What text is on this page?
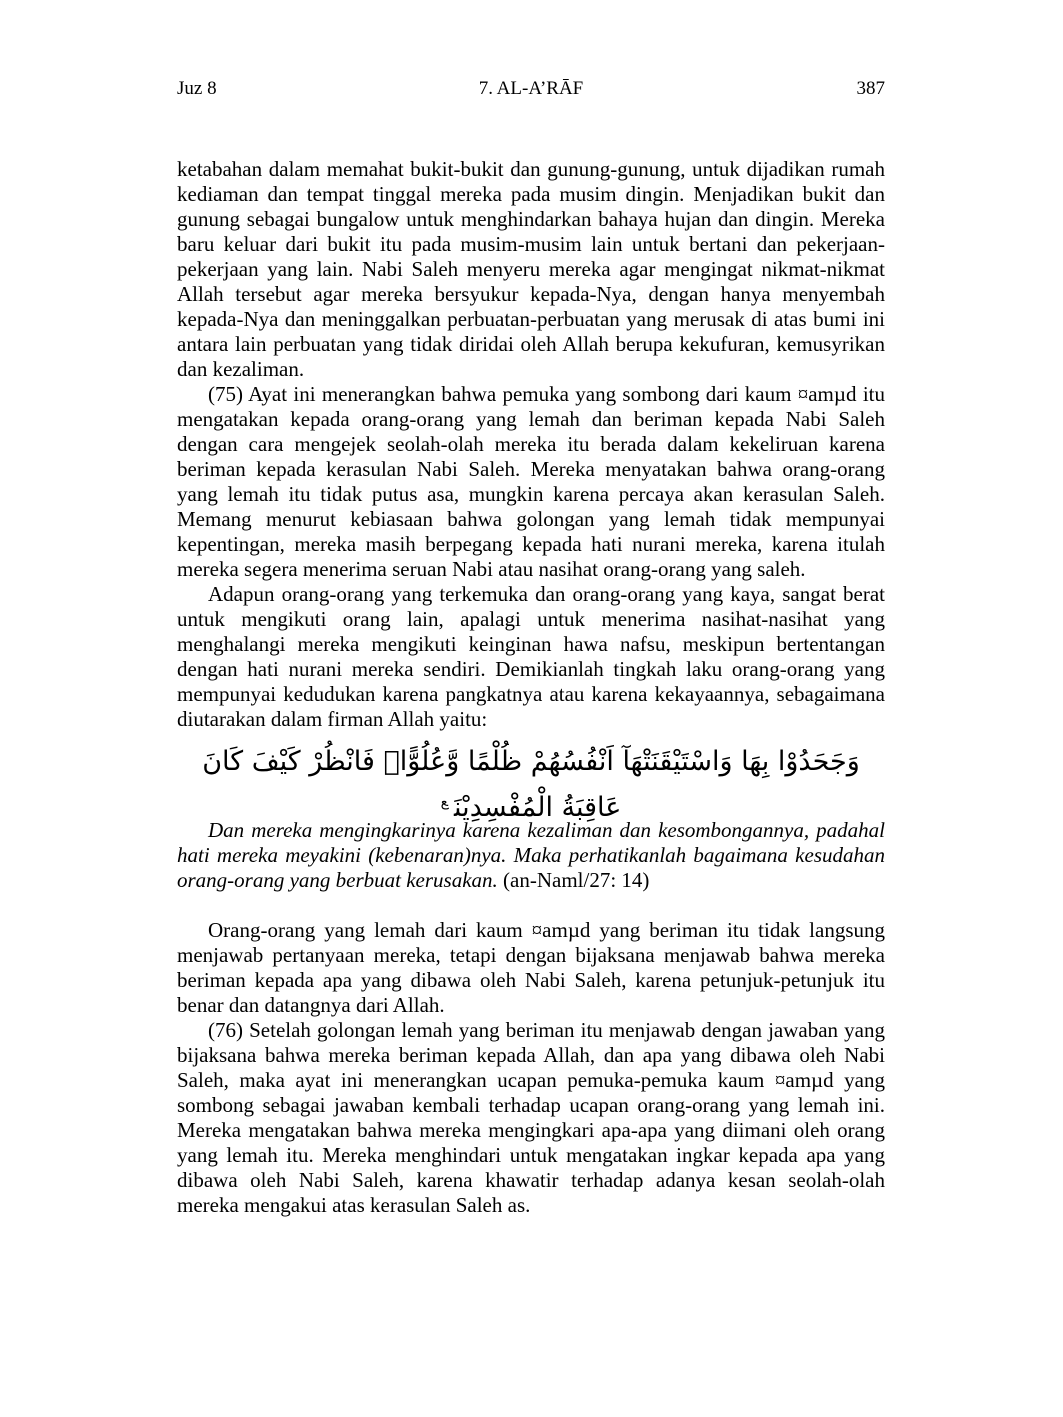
Juz 8	7. AL-A’RĀF	387

ketabahan dalam memahat bukit-bukit dan gunung-gunung, untuk dijadikan rumah kediaman dan tempat tinggal mereka pada musim dingin. Menjadikan bukit dan gunung sebagai bungalow untuk menghindarkan bahaya hujan dan dingin. Mereka baru keluar dari bukit itu pada musim-musim lain untuk bertani dan pekerjaan-pekerjaan yang lain. Nabi Saleh menyeru mereka agar mengingat nikmat-nikmat Allah tersebut agar mereka bersyukur kepada-Nya, dengan hanya menyembah kepada-Nya dan meninggalkan perbuatan-perbuatan yang merusak di atas bumi ini antara lain perbuatan yang tidak diridai oleh Allah berupa kekufuran, kemusyrikan dan kezaliman.

(75) Ayat ini menerangkan bahwa pemuka yang sombong dari kaum ¤amµd itu mengatakan kepada orang-orang yang lemah dan beriman kepada Nabi Saleh dengan cara mengejek seolah-olah mereka itu berada dalam kekeliruan karena beriman kepada kerasulan Nabi Saleh. Mereka menyatakan bahwa orang-orang yang lemah itu tidak putus asa, mungkin karena percaya akan kerasulan Saleh. Memang menurut kebiasaan bahwa golongan yang lemah tidak mempunyai kepentingan, mereka masih berpegang kepada hati nurani mereka, karena itulah mereka segera menerima seruan Nabi atau nasihat orang-orang yang saleh.

Adapun orang-orang yang terkemuka dan orang-orang yang kaya, sangat berat untuk mengikuti orang lain, apalagi untuk menerima nasihat-nasihat yang menghalangi mereka mengikuti keinginan hawa nafsu, meskipun bertentangan dengan hati nurani mereka sendiri. Demikianlah tingkah laku orang-orang yang mempunyai kedudukan karena pangkatnya atau karena kekayaannya, sebagaimana diutarakan dalam firman Allah yaitu:

وَجَحَدُوْا بِهَا وَاسْتَيْقَنَتْهَآ اَنْفُسُهُمْ ظُلْمًا وَّعُلُوًّاۗ فَانْظُرْ كَيْفَ كَانَ عَاقِبَةُ الْمُفْسِدِيْنَ$^ع$

Dan mereka mengingkarinya karena kezaliman dan kesombongannya, padahal hati mereka meyakini (kebenaran)nya. Maka perhatikanlah bagaimana kesudahan orang-orang yang berbuat kerusakan. (an-Naml/27: 14)

Orang-orang yang lemah dari kaum ¤amµd yang beriman itu tidak langsung menjawab pertanyaan mereka, tetapi dengan bijaksana menjawab bahwa mereka beriman kepada apa yang dibawa oleh Nabi Saleh, karena petunjuk-petunjuk itu benar dan datangnya dari Allah.

(76) Setelah golongan lemah yang beriman itu menjawab dengan jawaban yang bijaksana bahwa mereka beriman kepada Allah, dan apa yang dibawa oleh Nabi Saleh, maka ayat ini menerangkan ucapan pemuka-pemuka kaum ¤amµd yang sombong sebagai jawaban kembali terhadap ucapan orang-orang yang lemah ini. Mereka mengatakan bahwa mereka mengingkari apa-apa yang diimani oleh orang yang lemah itu. Mereka menghindari untuk mengatakan ingkar kepada apa yang dibawa oleh Nabi Saleh, karena khawatir terhadap adanya kesan seolah-olah mereka mengakui atas kerasulan Saleh as.
